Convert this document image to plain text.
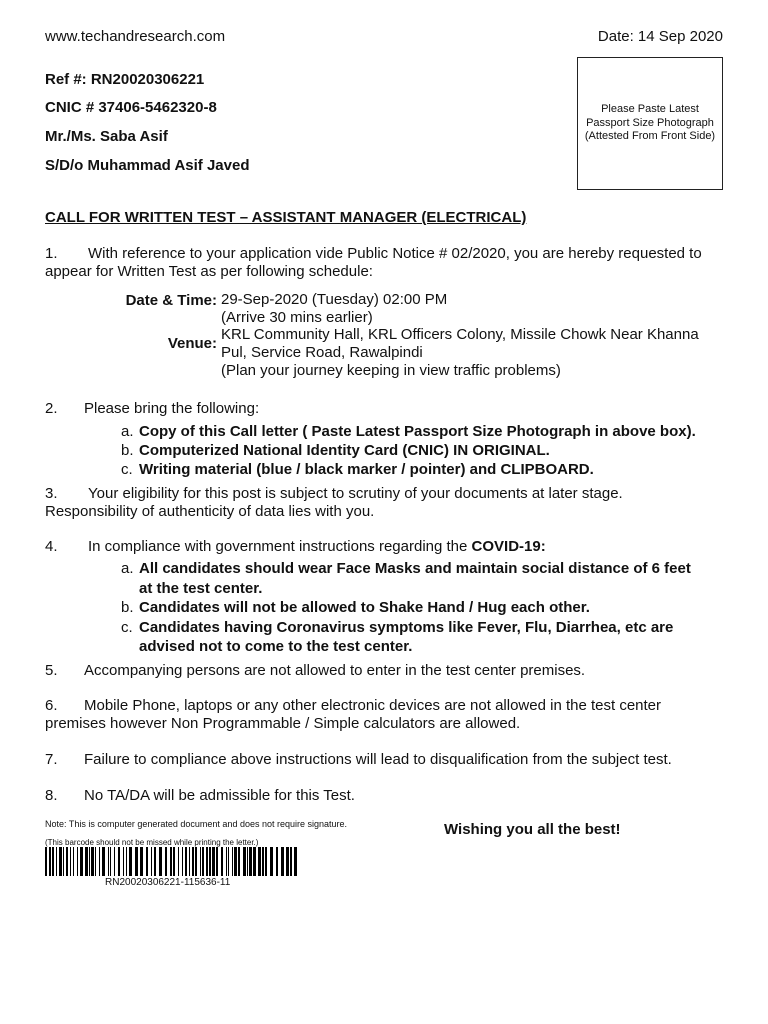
www.techandresearch.com	Date: 14 Sep 2020
Ref #: RN20020306221
CNIC # 37406-5462320-8
Mr./Ms. Saba Asif
S/D/o Muhammad Asif Javed
Please Paste Latest
Passport Size Photograph
(Attested From Front Side)
CALL FOR WRITTEN TEST – ASSISTANT MANAGER (ELECTRICAL)
1. With reference to your application vide Public Notice # 02/2020, you are hereby requested to
appear for Written Test as per following schedule:
Date & Time: 29-Sep-2020 (Tuesday) 02:00 PM
(Arrive 30 mins earlier)
Venue:
KRL Community Hall, KRL Officers Colony, Missile Chowk Near Khanna
Pul, Service Road, Rawalpindi
(Plan your journey keeping in view traffic problems)
2. Please bring the following:
a. Copy of this Call letter ( Paste Latest Passport Size Photograph in above box).
b. Computerized National Identity Card (CNIC) IN ORIGINAL.
c. Writing material (blue / black marker / pointer) and CLIPBOARD.
3. Your eligibility for this post is subject to scrutiny of your documents at later stage.
Responsibility of authenticity of data lies with you.
4. In compliance with government instructions regarding the COVID-19:
a. All candidates should wear Face Masks and maintain social distance of 6 feet
at the test center.
b. Candidates will not be allowed to Shake Hand / Hug each other.
c. Candidates having Coronavirus symptoms like Fever, Flu, Diarrhea, etc are
advised not to come to the test center.
5. Accompanying persons are not allowed to enter in the test center premises.
6. Mobile Phone, laptops or any other electronic devices are not allowed in the test center
premises however Non Programmable / Simple calculators are allowed.
7. Failure to compliance above instructions will lead to disqualification from the subject test.
8. No TA/DA will be admissible for this Test.
Note: This is computer generated document and does not require signature.	Wishing you all the best!
(This barcode should not be missed while printing the letter.)
RN20020306221-115636-11
